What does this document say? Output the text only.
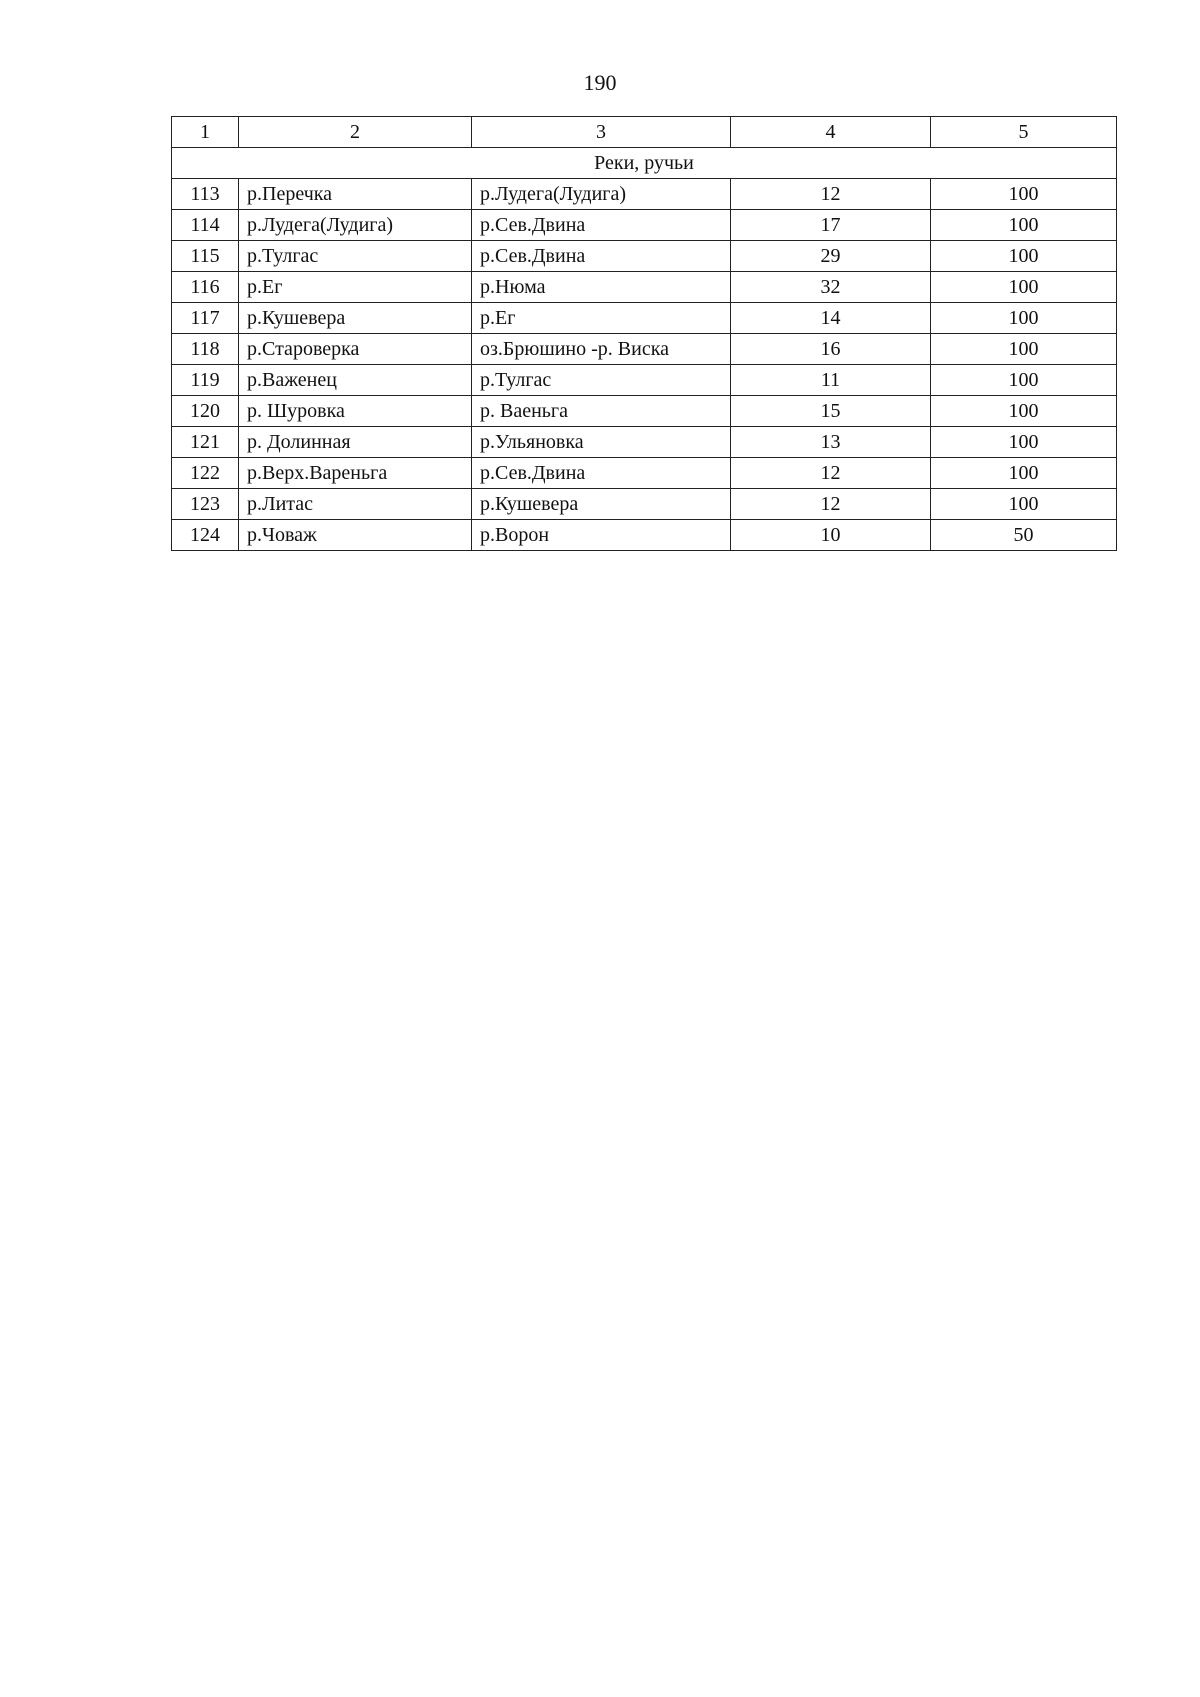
190
1	2	3	4	5
Реки, ручьи				
113	р.Перечка	р.Лудега(Лудига)	12	100
114	р.Лудега(Лудига)	р.Сев.Двина	17	100
115	р.Тулгас	р.Сев.Двина	29	100
116	р.Ег	р.Нюма	32	100
117	р.Кушевера	р.Ег	14	100
118	р.Староверка	оз.Брюшино -р. Виска	16	100
119	р.Важенец	р.Тулгас	11	100
120	р. Шуровка	р. Ваеньга	15	100
121	р. Долинная	р.Ульяновка	13	100
122	р.Верх.Вареньга	р.Сев.Двина	12	100
123	р.Литас	р.Кушевера	12	100
124	р.Човаж	р.Ворон	10	50
